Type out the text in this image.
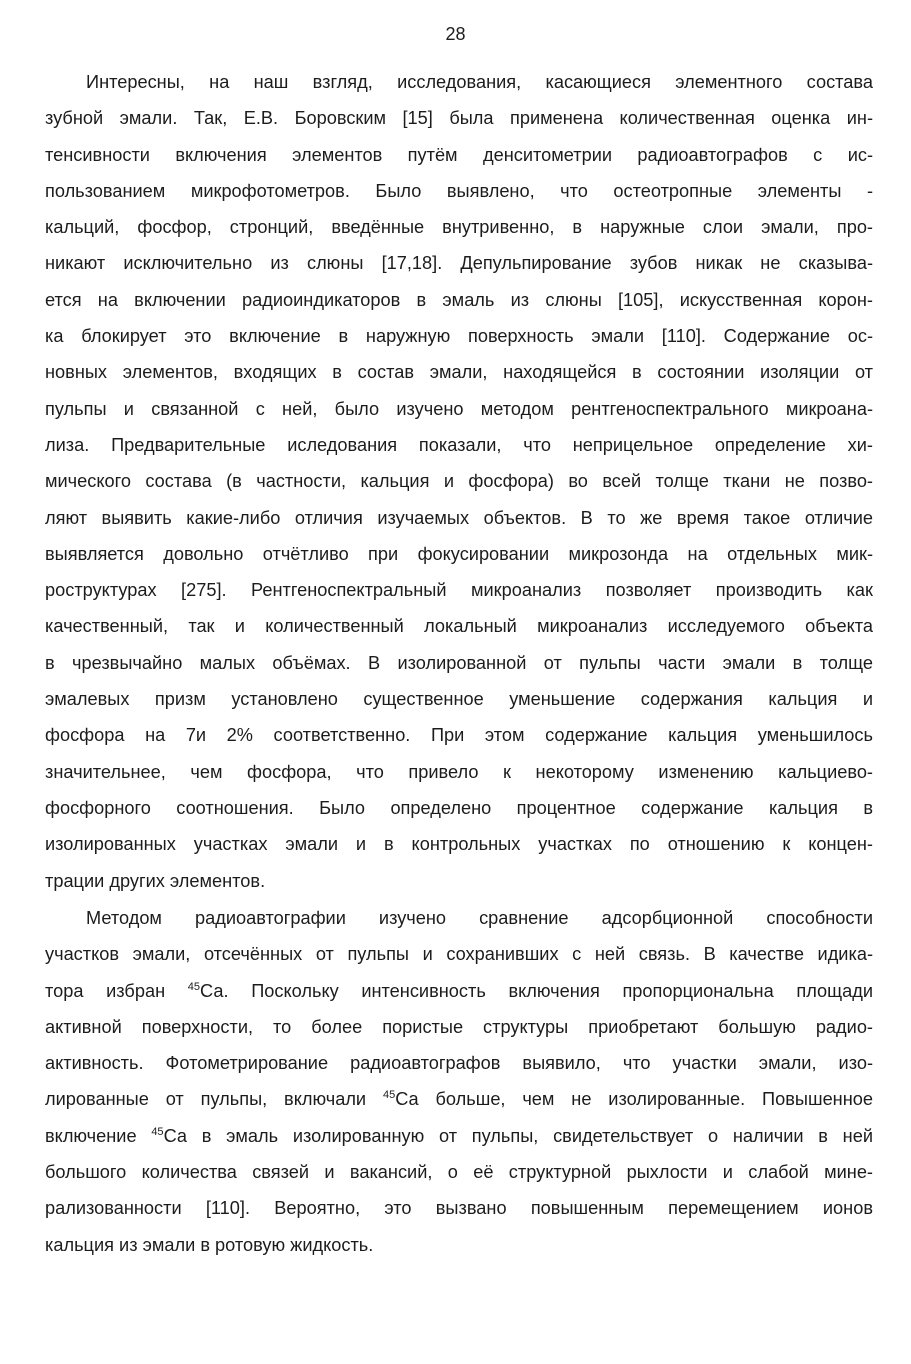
28
Интересны, на наш взгляд, исследования, касающиеся элементного состава
зубной эмали. Так, Е.В. Боровским [15] была применена количественная оценка ин-
тенсивности включения элементов путём денситометрии радиоавтографов с ис-
пользованием микрофотометров. Было выявлено, что остеотропные элементы -
кальций, фосфор, стронций, введённые внутривенно, в наружные слои эмали, про-
никают исключительно из слюны [17,18]. Депульпирование зубов никак не сказыва-
ется на включении радиоиндикаторов в эмаль из слюны [105], искусственная корон-
ка блокирует это включение в наружную поверхность эмали [110]. Содержание ос-
новных элементов, входящих в состав эмали, находящейся в состоянии изоляции от
пульпы и связанной с ней, было изучено методом рентгеноспектрального микроана-
лиза. Предварительные иследования показали, что неприцельное определение хи-
мического состава (в частности, кальция и фосфора) во всей толще ткани не позво-
ляют выявить какие-либо отличия изучаемых объектов. В то же время такое отличие
выявляется довольно отчётливо при фокусировании микрозонда на отдельных мик-
роструктурах [275]. Рентгеноспектральный микроанализ позволяет производить как
качественный, так и количественный локальный микроанализ исследуемого объекта
в чрезвычайно малых объёмах. В изолированной от пульпы части эмали в толще
эмалевых призм установлено существенное уменьшение содержания кальция и
фосфора на 7и 2% соответственно. При этом содержание кальция уменьшилось
значительнее, чем фосфора, что привело к некоторому изменению кальциево-
фосфорного соотношения. Было определено процентное содержание кальция в
изолированных участках эмали и в контрольных участках по отношению к концен-
трации других элементов.
Методом радиоавтографии изучено сравнение адсорбционной способности
участков эмали, отсечённых от пульпы и сохранивших с ней связь. В качестве идика-
тора избран $^{45}$Са. Поскольку интенсивность включения пропорциональна площади
активной поверхности, то более пористые структуры приобретают большую радио-
активность. Фотометрирование радиоавтографов выявило, что участки эмали, изо-
лированные от пульпы, включали $^{45}$Са больше, чем не изолированные. Повышенное
включение $^{45}$Са в эмаль изолированную от пульпы, свидетельствует о наличии в ней
большого количества связей и вакансий, о её структурной рыхлости и слабой мине-
рализованности [110]. Вероятно, это вызвано повышенным перемещением ионов
кальция из эмали в ротовую жидкость.
